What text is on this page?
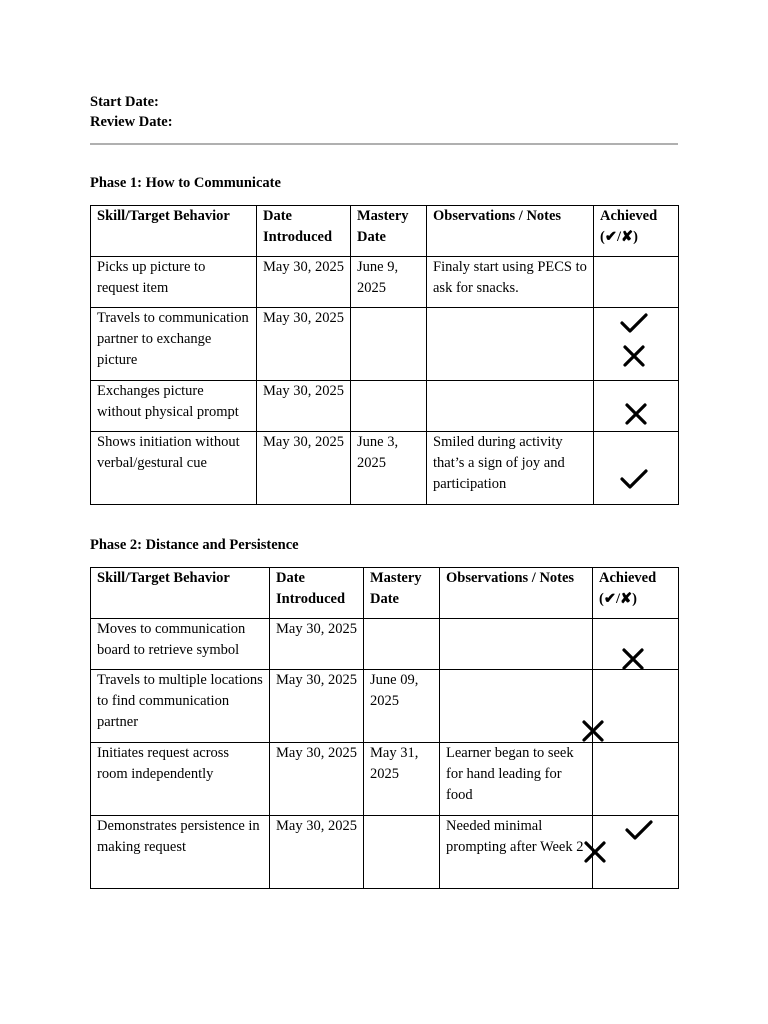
Start Date:
Review Date:
Phase 1: How to Communicate
Skill/Target Behavior	Date Introduced	Mastery Date	Observations / Notes	Achieved (✔/✘)
Picks up picture to request item	May 30, 2025	June 9, 2025	Finaly start using PECS to ask for snacks.	
Travels to communication partner to exchange picture	May 30, 2025			

Exchanges picture without physical prompt	May 30, 2025			

Shows initiation without verbal/gestural cue	May 30, 2025	June 3, 2025	Smiled during activity that’s a sign of joy and participation	
Phase 2: Distance and Persistence
Skill/Target Behavior	Date Introduced	Mastery Date	Observations / Notes	Achieved (✔/✘)
Moves to communication board to retrieve symbol	May 30, 2025			

Travels to multiple locations to find communication partner	May 30, 2025	June 09, 2025		

Initiates request across room independently	May 30, 2025	May 31, 2025	Learner began to seek for hand leading for food	
Demonstrates persistence in making request	May 30, 2025		Needed minimal prompting after Week 2	
